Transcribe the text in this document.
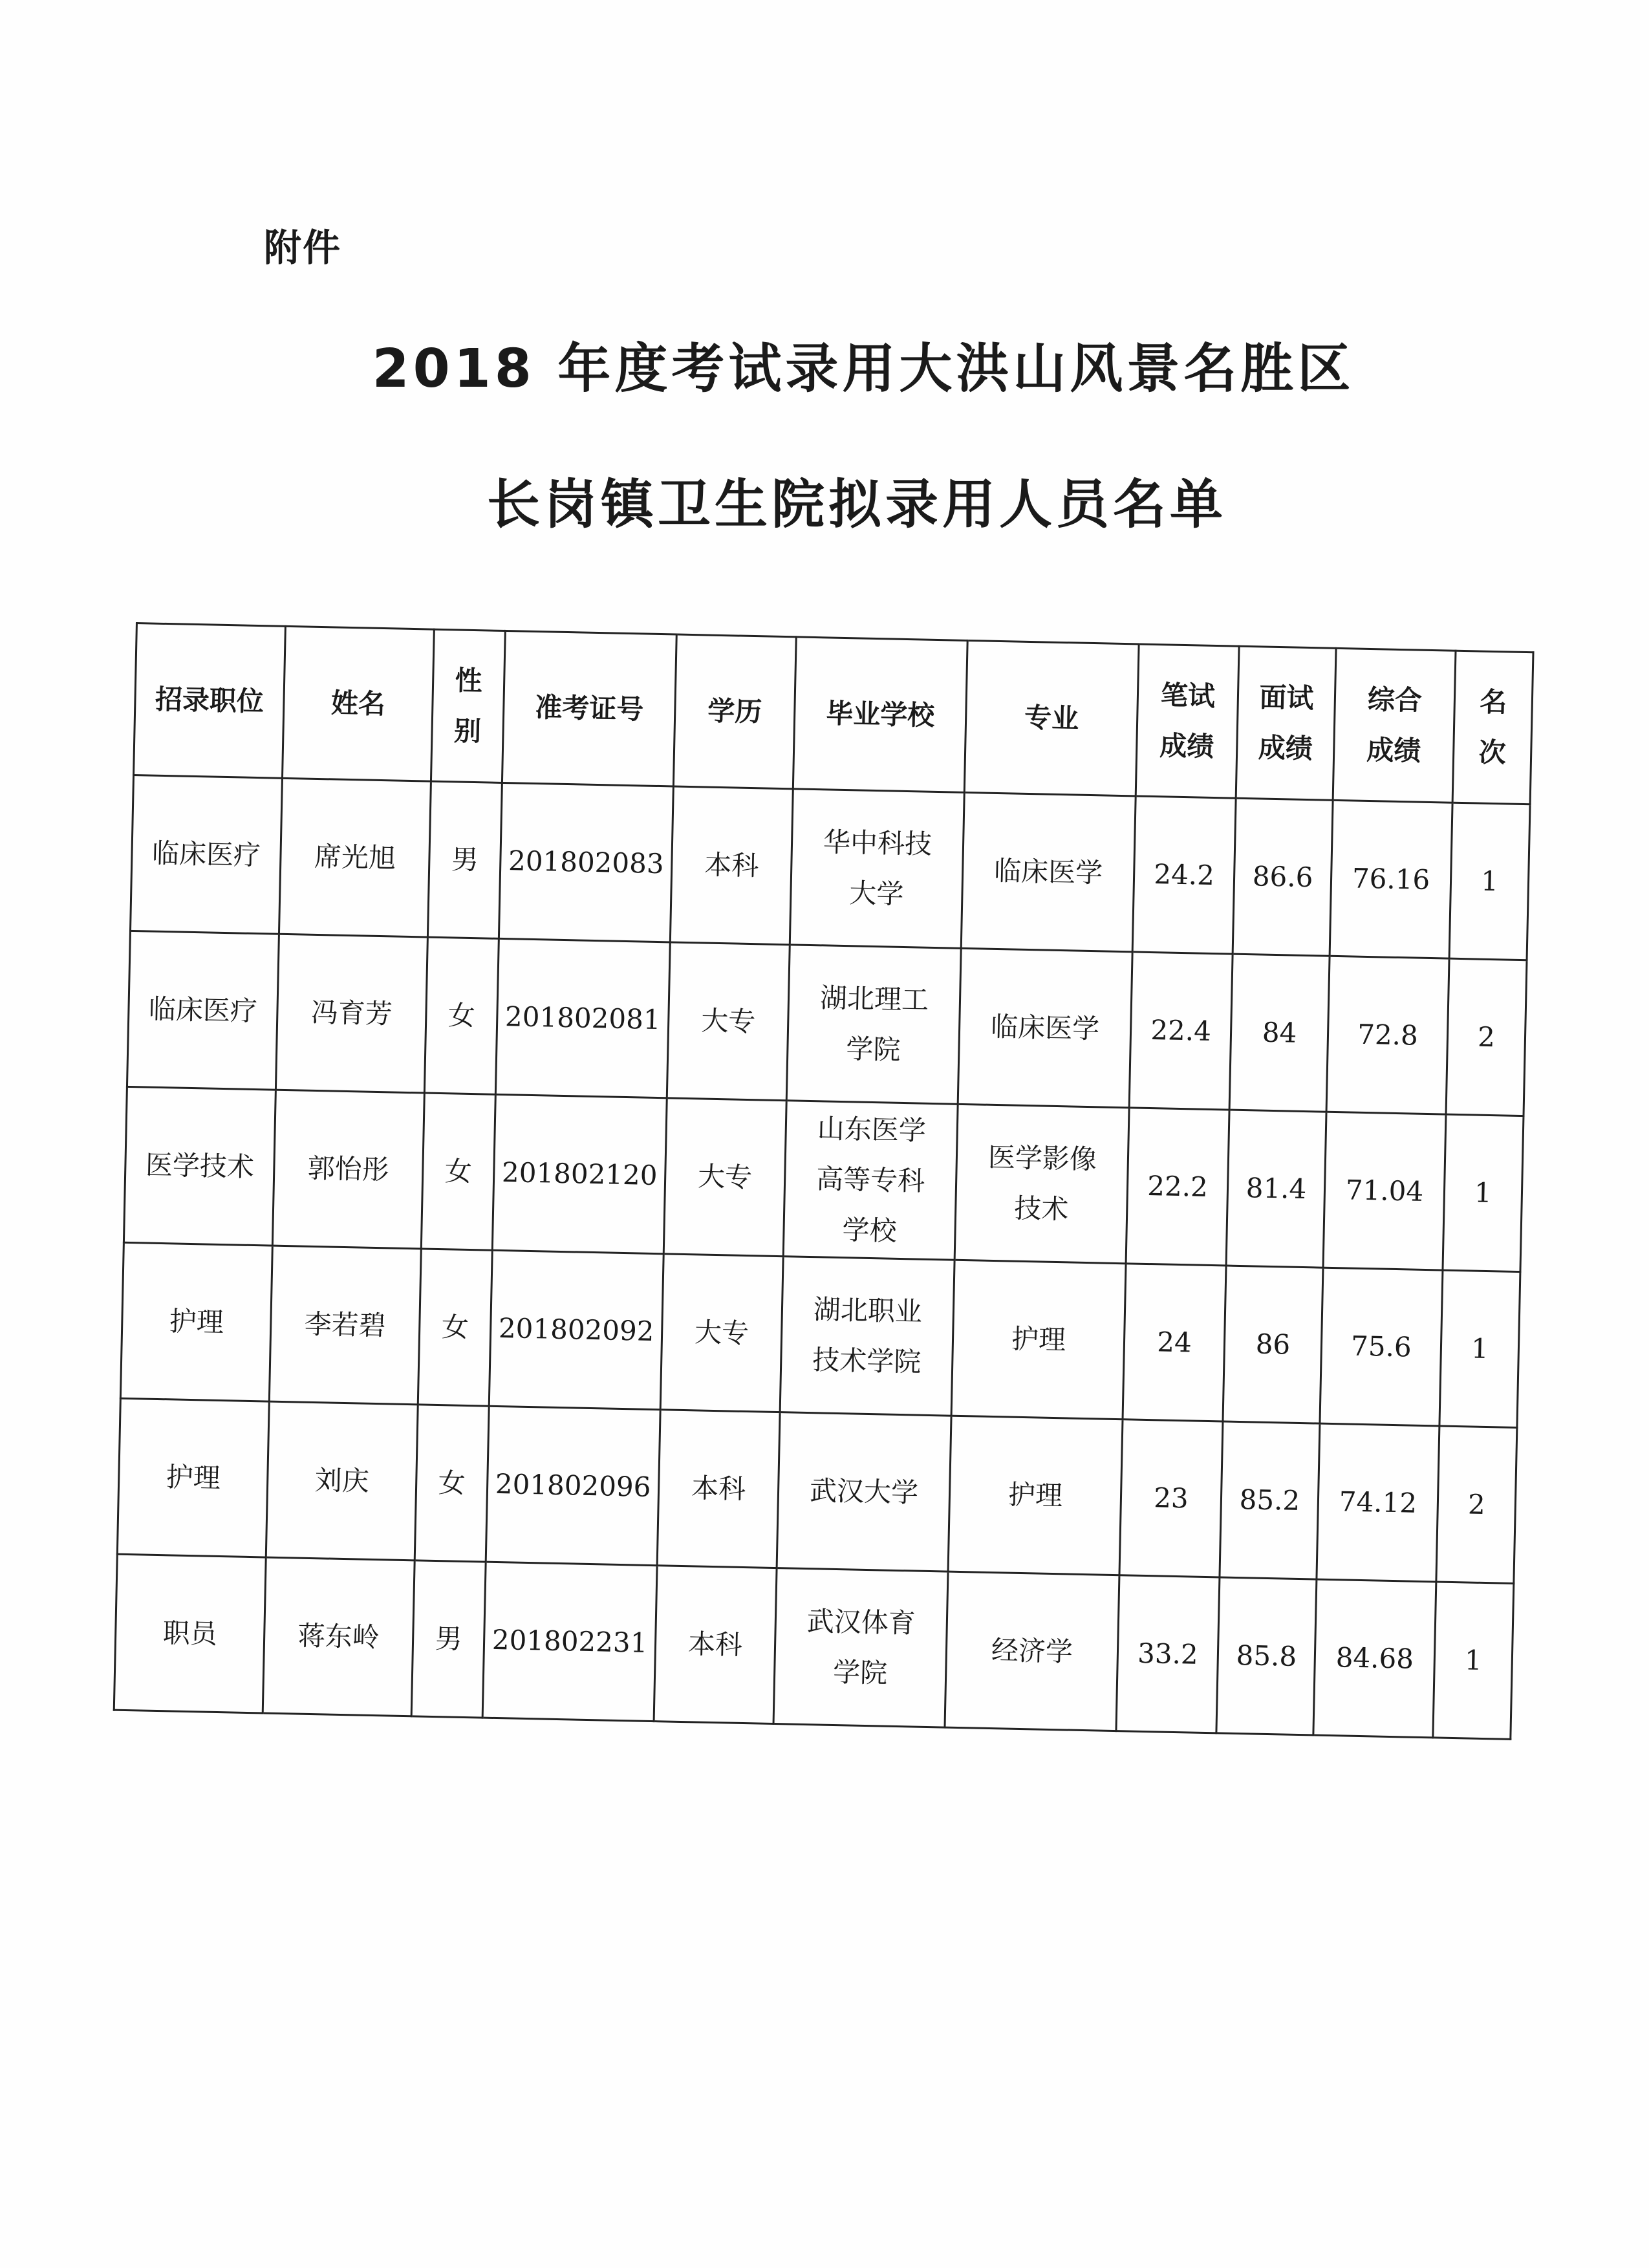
附件
2018 年度考试录用大洪山风景名胜区
长岗镇卫生院拟录用人员名单
招录职位	姓名	性别	准考证号	学历	毕业学校	专业	笔试成绩	面试成绩	综合成绩	名次
临床医疗	席光旭	男	201802083	本科	华中科技大学	临床医学	24.2	86.6	76.16	1
临床医疗	冯育芳	女	201802081	大专	湖北理工学院	临床医学	22.4	84	72.8	2
医学技术	郭怡彤	女	201802120	大专	山东医学高等专科学校	医学影像技术	22.2	81.4	71.04	1
护理	李若碧	女	201802092	大专	湖北职业技术学院	护理	24	86	75.6	1
护理	刘庆	女	201802096	本科	武汉大学	护理	23	85.2	74.12	2
职员	蒋东岭	男	201802231	本科	武汉体育学院	经济学	33.2	85.8	84.68	1
